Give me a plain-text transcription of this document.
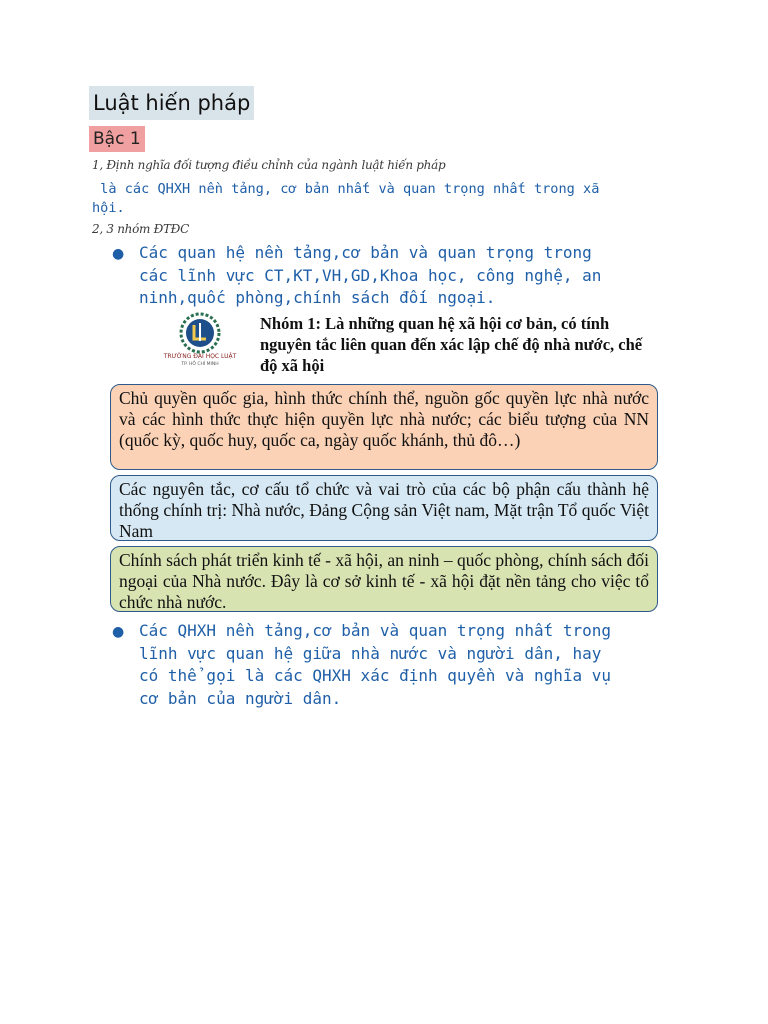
Luật hiến pháp
Bậc 1
1, Định nghĩa đối tượng điều chỉnh của ngành luật hiến pháp
là các QHXH nền tảng, cơ bản nhất và quan trọng nhất trong xã
hội.
2, 3 nhóm ĐTĐC
● Các quan hệ nền tảng,cơ bản và quan trọng trong
các lĩnh vực CT,KT,VH,GD,Khoa học, công nghệ, an
ninh,quốc phòng,chính sách đối ngoại.
TRƯỜNG ĐẠI HỌC LUẬT
TP. HỒ CHÍ MINH
Nhóm 1: Là những quan hệ xã hội cơ bản, có tính nguyên tắc liên quan đến xác lập chế độ nhà nước, chế độ xã hội
Chủ quyền quốc gia, hình thức chính thể, nguồn gốc quyền lực nhà nước và các hình thức thực hiện quyền lực nhà nước; các biểu tượng của NN (quốc kỳ, quốc huy, quốc ca, ngày quốc khánh, thủ đô…)
Các nguyên tắc, cơ cấu tổ chức và vai trò của các bộ phận cấu thành hệ thống chính trị: Nhà nước, Đảng Cộng sản Việt nam, Mặt trận Tổ quốc Việt Nam
Chính sách phát triển kinh tế - xã hội, an ninh – quốc phòng, chính sách đối ngoại của Nhà nước. Đây là cơ sở kinh tế - xã hội đặt nền tảng cho việc tổ chức nhà nước.
● Các QHXH nền tảng,cơ bản và quan trọng nhất trong
lĩnh vực quan hệ giữa nhà nước và người dân, hay
có thể gọi là các QHXH xác định quyền và nghĩa vụ
cơ bản của người dân.
